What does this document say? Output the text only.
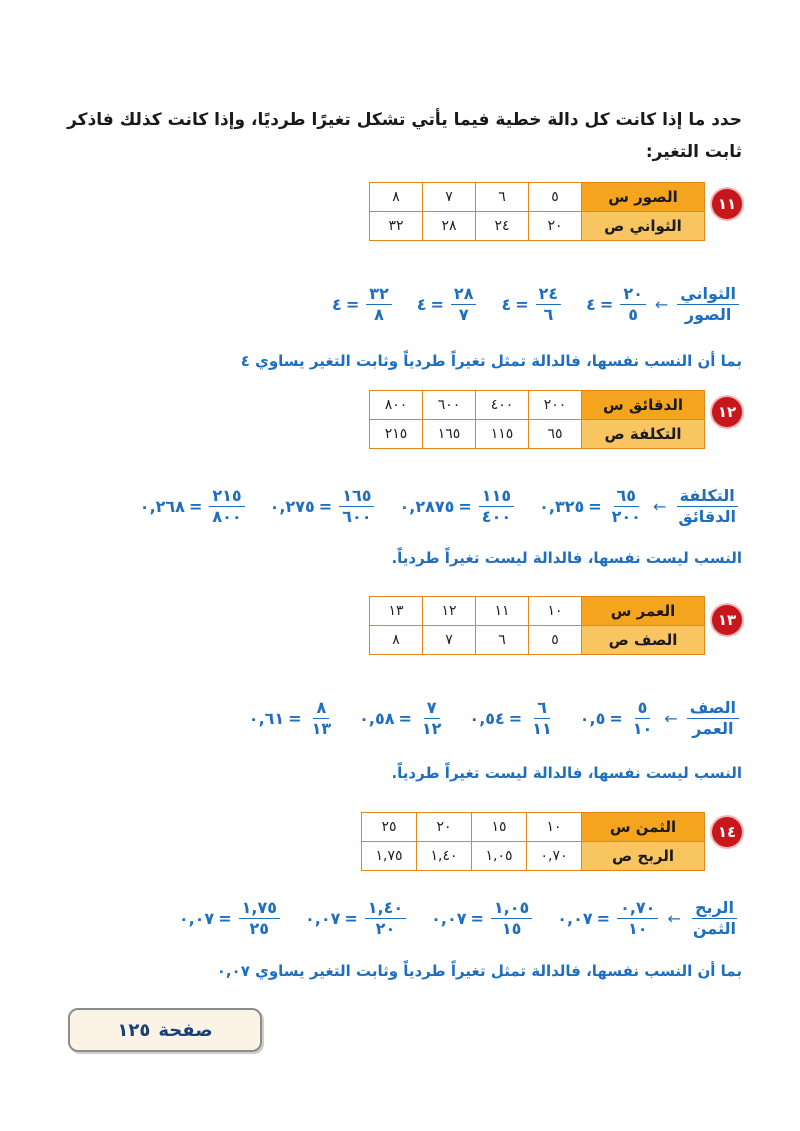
حدد ما إذا كانت كل دالة خطية فيما يأتي تشكل تغيرًا طرديًا، وإذا كانت كذلك فاذكر
ثابت التغير:
١١
الصور س	٥	٦	٧	٨
الثواني ص	٢٠	٢٤	٢٨	٣٢
$\frac{\text{الثواني}}{\text{الصور}}$
←
$\frac{٢٠}{٥}$
=
٤
$\frac{٢٤}{٦}$
=
٤
$\frac{٢٨}{٧}$
=
٤
$\frac{٣٢}{٨}$
=
٤
بما أن النسب نفسها، فالدالة تمثل تغيراً طردياً وثابت التغير يساوي ٤
١٢
الدقائق س	٢٠٠	٤٠٠	٦٠٠	٨٠٠
التكلفة ص	٦٥	١١٥	١٦٥	٢١٥
$\frac{\text{التكلفة}}{\text{الدقائق}}$
←
$\frac{٦٥}{٢٠٠}$
=
٠,٣٢٥
$\frac{١١٥}{٤٠٠}$
=
٠,٢٨٧٥
$\frac{١٦٥}{٦٠٠}$
=
٠,٢٧٥
$\frac{٢١٥}{٨٠٠}$
=
٠,٢٦٨
النسب ليست نفسها، فالدالة ليست تغيراً طردياً.
١٣
العمر س	١٠	١١	١٢	١٣
الصف ص	٥	٦	٧	٨
$\frac{\text{الصف}}{\text{العمر}}$
←
$\frac{٥}{١٠}$
=
٠,٥
$\frac{٦}{١١}$
=
٠,٥٤
$\frac{٧}{١٢}$
=
٠,٥٨
$\frac{٨}{١٣}$
=
٠,٦١
النسب ليست نفسها، فالدالة ليست تغيراً طردياً.
١٤
الثمن س	١٠	١٥	٢٠	٢٥
الربح ص	٠,٧٠	١,٠٥	١,٤٠	١,٧٥
$\frac{\text{الربح}}{\text{الثمن}}$
←
$\frac{٠,٧٠}{١٠}$
=
٠,٠٧
$\frac{١,٠٥}{١٥}$
=
٠,٠٧
$\frac{١,٤٠}{٢٠}$
=
٠,٠٧
$\frac{١,٧٥}{٢٥}$
=
٠,٠٧
بما أن النسب نفسها، فالدالة تمثل تغيراً طردياً وثابت التغير يساوي ٠,٠٧
صفحة
١٢٥
